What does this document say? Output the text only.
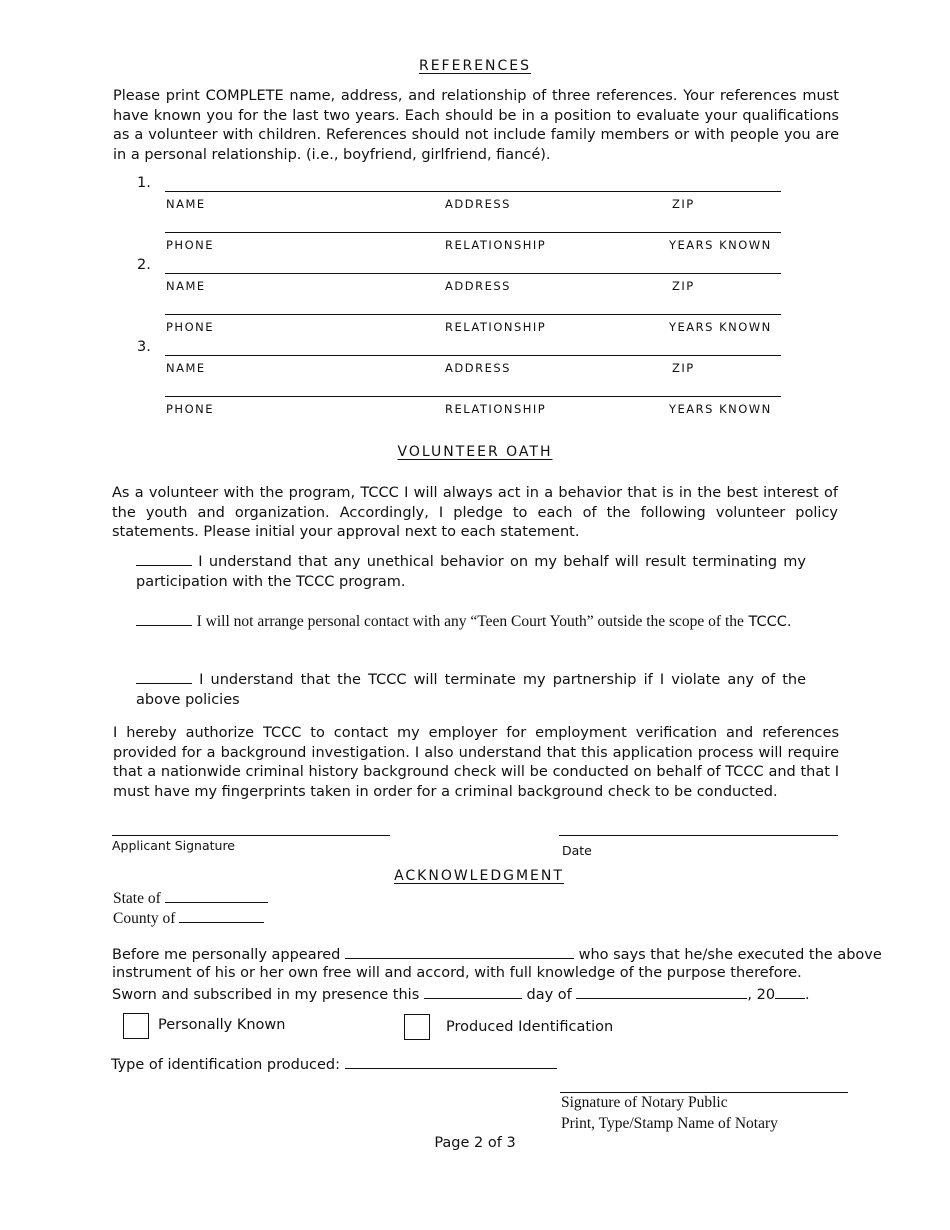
REFERENCES
Please print COMPLETE name, address, and relationship of three references. Your references must have known you for the last two years. Each should be in a position to evaluate your qualifications as a volunteer with children. References should not include family members or with people you are in a personal relationship. (i.e., boyfriend, girlfriend, fiancé).
1.
NAME	ADDRESS	ZIP
PHONE	RELATIONSHIP	YEARS KNOWN
2.
NAME	ADDRESS	ZIP
PHONE	RELATIONSHIP	YEARS KNOWN
3.
NAME	ADDRESS	ZIP
PHONE	RELATIONSHIP	YEARS KNOWN
VOLUNTEER OATH
As a volunteer with the program, TCCC I will always act in a behavior that is in the best interest of the youth and organization. Accordingly, I pledge to each of the following volunteer policy statements. Please initial your approval next to each statement.
I understand that any unethical behavior on my behalf will result terminating my participation with the TCCC program.
I will not arrange personal contact with any “Teen Court Youth” outside the scope of the TCCC.
I understand that the TCCC will terminate my partnership if I violate any of the above policies
I hereby authorize TCCC to contact my employer for employment verification and references provided for a background investigation. I also understand that this application process will require that a nationwide criminal history background check will be conducted on behalf of TCCC and that I must have my fingerprints taken in order for a criminal background check to be conducted.
Applicant Signature	Date
ACKNOWLEDGMENT
State of
County of
Before me personally appeared	who says that he/she executed the above
instrument of his or her own free will and accord, with full knowledge of the purpose therefore.
Sworn and subscribed in my presence this	day of	, 20 .
Personally Known	Produced Identification
Type of identification produced:
Signature of Notary Public
Print, Type/Stamp Name of Notary
Page 2 of 3
